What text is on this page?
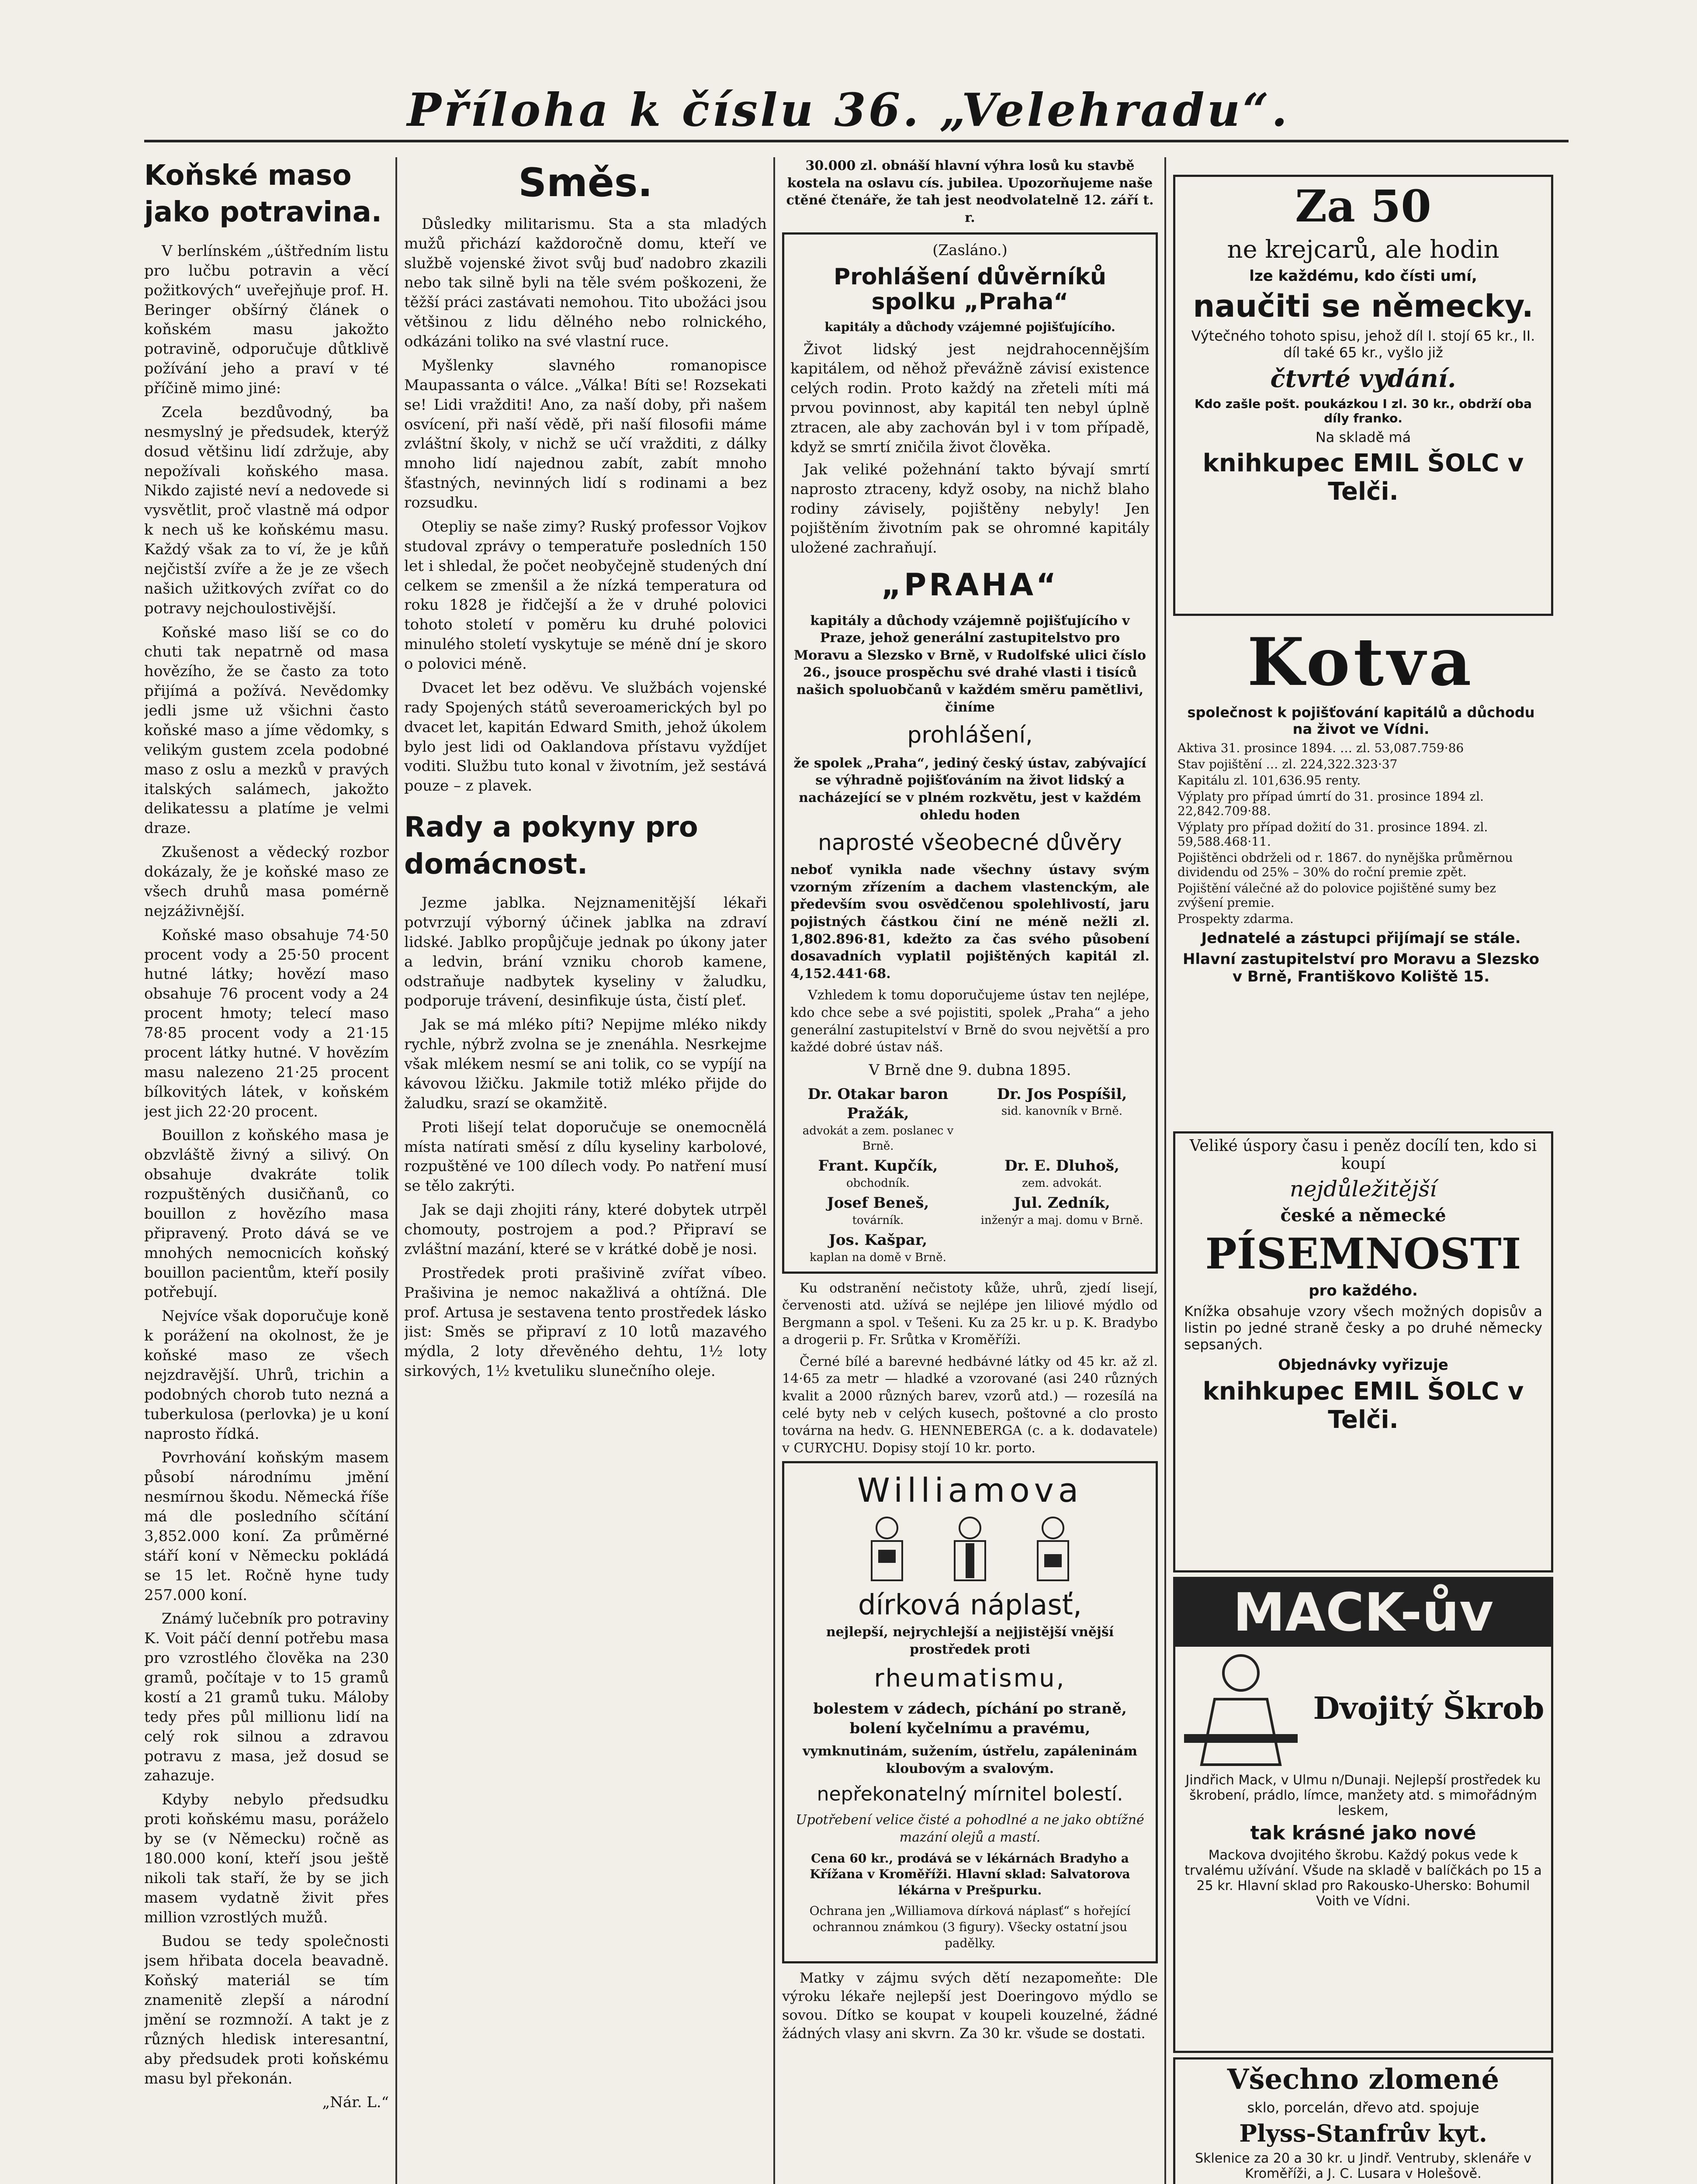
Příloha k číslu 36. „Velehradu“.

Koňské maso jako potravina.

V berlínském „úštředním listu pro lučbu potravin a věcí požitkových“ uveřejňuje prof. H. Beringer obšírný článek o koňském masu jakožto potravině, odporučuje důtklivě požívání jeho a praví v té příčině mimo jiné:

Zcela bezdůvodný, ba nesmyslný je předsudek, kterýž dosud většinu lidí zdržuje, aby nepožívali koňského masa. Nikdo zajisté neví a nedovede si vysvětlit, proč vlastně má odpor k nech uš ke koňskému masu. Každý však za to ví, že je kůň nejčistší zvíře a že je ze všech našich užitkových zvířat co do potravy nejchoulostivější.

Koňské maso liší se co do chuti tak nepatrně od masa hovězího, že se často za toto přijímá a požívá. Nevědomky jedli jsme už všichni často koňské maso a jíme vědomky, s velikým gustem zcela podobné maso z oslu a mezků v pravých italských salámech, jakožto delikatessu a platíme je velmi draze.

Zkušenost a vědecký rozbor dokázaly, že je koňské maso ze všech druhů masa pomérně nejzáživnější.

Koňské maso obsahuje 74·50 procent vody a 25·50 procent hutné látky; hovězí maso obsahuje 76 procent vody a 24 procent hmoty; telecí maso 78·85 procent vody a 21·15 procent látky hutné. V hovězím masu nalezeno 21·25 procent bílkovitých látek, v koňském jest jich 22·20 procent.

Bouillon z koňského masa je obzvláště živný a silivý. On obsahuje dvakráte tolik rozpuštěných dusičňanů, co bouillon z hovězího masa připravený. Proto dává se ve mnohých nemocnicích koňský bouillon pacientům, kteří posily potřebují.

Nejvíce však doporučuje koně k porážení na okolnost, že je koňské maso ze všech nejzdravější. Uhrů, trichin a podobných chorob tuto nezná a tuberkulosa (perlovka) je u koní naprosto řídká.

Povrhování koňským masem působí národnímu jmění nesmírnou škodu. Německá říše má dle posledního sčítání 3,852.000 koní. Za průměrné stáří koní v Německu pokládá se 15 let. Ročně hyne tudy 257.000 koní.

Známý lučebník pro potraviny K. Voit páčí denní potřebu masa pro vzrostlého člověka na 230 gramů, počítaje v to 15 gramů kostí a 21 gramů tuku. Máloby tedy přes půl millionu lidí na celý rok silnou a zdravou potravu z masa, jež dosud se zahazuje.

Kdyby nebylo předsudku proti koňskému masu, poráželo by se (v Německu) ročně as 180.000 koní, kteří jsou ještě nikoli tak staří, že by se jich masem vydatně živit přes million vzrostlých mužů.

Budou se tedy společnosti jsem hřibata docela beavadně. Koňský materiál se tím znamenitě zlepší a národní jmění se rozmnoží. A takt je z různých hledisk interesantní, aby předsudek proti koňskému masu byl překonán.

„Nár. L.“

Směs.

Důsledky militarismu. Sta a sta mladých mužů přichází každoročně domu, kteří ve službě vojenské život svůj buď nadobro zkazili nebo tak silně byli na těle svém poškozeni, že těžší práci zastávati nemohou. Tito ubožáci jsou většinou z lidu dělného nebo rolnického, odkázáni toliko na své vlastní ruce.

Myšlenky slavného romanopisce Maupassanta o válce. „Válka! Bíti se! Rozsekati se! Lidi vražditi! Ano, za naší doby, při našem osvícení, při naší vědě, při naší filosofii máme zvláštní školy, v nichž se učí vražditi, z dálky mnoho lidí najednou zabít, zabít mnoho šťastných, nevinných lidí s rodinami a bez rozsudku.

Otepliy se naše zimy? Ruský professor Vojkov studoval zprávy o temperatuře posledních 150 let i shledal, že počet neobyčejně studených dní celkem se zmenšil a že nízká temperatura od roku 1828 je řidčejší a že v druhé polovici tohoto století v poměru ku druhé polovici minulého století vyskytuje se méně dní je skoro o polovici méně.

Dvacet let bez oděvu. Ve službách vojenské rady Spojených států severoamerických byl po dvacet let, kapitán Edward Smith, jehož úkolem bylo jest lidi od Oaklandova přístavu vyždíjet voditi. Službu tuto konal v životním, jež sestává pouze – z plavek.

Rady a pokyny pro domácnost.

Jezme jablka. Nejznamenitější lékaři potvrzují výborný účinek jablka na zdraví lidské. Jablko propůjčuje jednak po úkony jater a ledvin, brání vzniku chorob kamene, odstraňuje nadbytek kyseliny v žaludku, podporuje trávení, desinfikuje ústa, čistí pleť.

Jak se má mléko píti? Nepijme mléko nikdy rychle, nýbrž zvolna se je znenáhla. Nesrkejme však mlékem nesmí se ani tolik, co se vypíjí na kávovou lžičku. Jakmile totiž mléko přijde do žaludku, srazí se okamžitě.

Proti lišejí telat doporučuje se onemocnělá místa natírati směsí z dílu kyseliny karbolové, rozpuštěné ve 100 dílech vody. Po natření musí se tělo zakrýti.

Jak se daji zhojiti rány, které dobytek utrpěl chomouty, postrojem a pod.? Připraví se zvláštní mazání, které se v krátké době je nosi.

Prostředek proti prašivině zvířat víbeo. Prašivina je nemoc nakažlivá a ohtížná. Dle prof. Artusa je sestavena tento prostředek lásko jist: Směs se připraví z 10 lotů mazavého mýdla, 2 loty dřevěného dehtu, 1½ loty sirkových, 1½ kvetuliku slunečního oleje.

30.000 zl. obnáší hlavní výhra losů ku stavbě kostela na oslavu cís. jubilea. Upozorňujeme naše ctěné čtenáře, že tah jest neodvolatelně 12. září t. r.

(Zasláno.)

Prohlášení důvěrníků spolku „Praha“

kapitály a důchody vzájemné pojišťujícího.

Život lidský jest nejdrahocennějším kapitálem, od něhož převážně závisí existence celých rodin. Proto každý na zřeteli míti má prvou povinnost, aby kapitál ten nebyl úplně ztracen, ale aby zachován byl i v tom případě, když se smrtí zničila život člověka.

Jak veliké požehnání takto bývají smrtí naprosto ztraceny, když osoby, na nichž blaho rodiny závisely, pojištěny nebyly! Jen pojištěním životním pak se ohromné kapitály uložené zachraňují.

„PRAHA“

kapitály a důchody vzájemně pojišťujícího v Praze, jehož generální zastupitelstvo pro Moravu a Slezsko v Brně, v Rudolfské ulici číslo 26., jsouce prospěchu své drahé vlasti i tisíců našich spoluobčanů v každém směru pamětlivi, činíme

prohlášení,

že spolek „Praha“, jediný český ústav, zabývající se výhradně pojišťováním na život lidský a nacházející se v plném rozkvětu, jest v každém ohledu hoden

naprosté všeobecné důvěry

neboť vynikla nade všechny ústavy svým vzorným zřízením a dachem vlastenckým, ale především svou osvědčenou spolehlivostí, jaru pojistných částkou činí ne méně nežli zl. 1,802.896·81, kdežto za čas svého působení dosavadních vyplatil pojištěných kapitál zl. 4,152.441·68.

Vzhledem k tomu doporučujeme ústav ten nejlépe, kdo chce sebe a své pojistiti, spolek „Praha“ a jeho generální zastupitelství v Brně do svou největší a pro každé dobré ústav náš.

V Brně dne 9. dubna 1895.

Dr. Otakar baron Pražák,
advokát a zem. poslanec v Brně.
Dr. Jos Pospíšil,
sid. kanovník v Brně.
Frant. Kupčík,
obchodník.
Dr. E. Dluhoš,
zem. advokát.
Josef Beneš,
továrník.
Jul. Zedník,
inženýr a maj. domu v Brně.
Jos. Kašpar,
kaplan na domě v Brně.

Ku odstranění nečistoty kůže, uhrů, zjedí lisejí, červenosti atd. užívá se nejlépe jen liliové mýdlo od Bergmann a spol. v Tešeni. Ku za 25 kr. u p. K. Bradybo a drogerii p. Fr. Srůtka v Kroměříži.

Černé bílé a barevné hedbávné látky od 45 kr. až zl. 14·65 za metr — hladké a vzorované (asi 240 různých kvalit a 2000 různých barev, vzorů atd.) — rozesílá na celé byty neb v celých kusech, poštovné a clo prosto továrna na hedv. G. HENNEBERGA (c. a k. dodavatele) v CURYCHU. Dopisy stojí 10 kr. porto.

Williamova

dírková náplasť,

nejlepší, nejrychlejší a nejjistější vnější prostředek proti

rheumatismu,

bolestem v zádech, píchání po straně, bolení kyčelnímu a pravému,

vymknutinám, sužením, ústřelu, zapáleninám kloubovým a svalovým.

nepřekonatelný mírnitel bolestí.

Upotřebení velice čisté a pohodlné a ne jako obtížné mazání olejů a mastí.

Cena 60 kr., prodává se v lékárnách Bradyho a Křížana v Kroměříži. Hlavní sklad: Salvatorova lékárna v Prešpurku.

Ochrana jen „Williamova dírková náplasť“ s hořející ochrannou známkou (3 figury). Všecky ostatní jsou padělky.

Matky v zájmu svých dětí nezapomeňte: Dle výroku lékaře nejlepší jest Doeringovo mýdlo se sovou. Dítko se koupat v koupeli kouzelné, žádné žádných vlasy ani skvrn. Za 30 kr. všude se dostati.

Za 50
ne krejcarů, ale hodin
lze každému, kdo čísti umí,
naučiti se německy.
Výtečného tohoto spisu, jehož díl I. stojí 65 kr., II. díl také 65 kr., vyšlo již
čtvrté vydání.
Kdo zašle pošt. poukázkou I zl. 30 kr., obdrží oba díly franko.
Na skladě má
knihkupec EMIL ŠOLC v Telči.
Kotva
společnost k pojišťování kapitálů a důchodu na život ve Vídni.
Aktiva 31. prosince 1894. … zl. 53,087.759·86
Stav pojištění … zl. 224,322.323·37
Kapitálu zl. 101,636.95 renty.
Výplaty pro případ úmrtí do 31. prosince 1894 zl. 22,842.709·88.
Výplaty pro případ dožití do 31. prosince 1894. zl. 59,588.468·11.
Pojištěnci obdrželi od r. 1867. do nynějška průměrnou dividendu od 25% – 30% do roční premie zpět.
Pojištění válečné až do polovice pojištěné sumy bez zvýšení premie.
Prospekty zdarma.
Jednatelé a zástupci přijímají se stále.
Hlavní zastupitelství pro Moravu a Slezsko v Brně, Františkovo Koliště 15.
Veliké úspory času i peněz docílí ten, kdo si koupí
nejdůležitější
české a německé
PÍSEMNOSTI
pro každého.
Knížka obsahuje vzory všech možných dopisův a listin po jedné straně česky a po druhé německy sepsaných.
Objednávky vyřizuje
knihkupec EMIL ŠOLC v Telči.
MACK-ův
Dvojitý Škrob
Jindřich Mack, v Ulmu n/Dunaji. Nejlepší prostředek ku škrobení, prádlo, límce, manžety atd. s mimořádným leskem,
tak krásné jako nové
Mackova dvojitého škrobu. Každý pokus vede k trvalému užívání. Všude na skladě v balíčkách po 15 a 25 kr. Hlavní sklad pro Rakousko-Uhersko: Bohumil Voith ve Vídni.
Všechno zlomené
sklo, porcelán, dřevo atd. spojuje
Plyss-Stanfrův kyt.
Sklenice za 20 a 30 kr. u Jindř. Ventruby, sklenáře v Kroměříži, a J. C. Lusara v Holešově.
